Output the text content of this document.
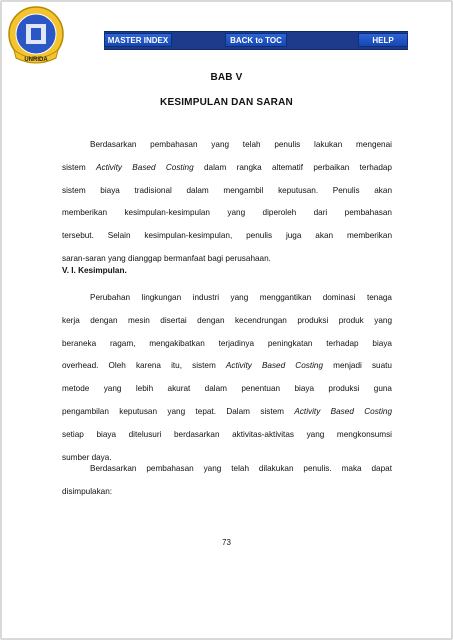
UNRIDA
MASTER INDEX	BACK to TOC	HELP
BAB V
KESIMPULAN DAN SARAN

Berdasarkan pembahasan yang telah penulis lakukan mengenai
sistem Activity Based Costing dalam rangka altematif perbaikan terhadap
sistem biaya tradisional dalam mengambil keputusan. Penulis akan
memberikan kesimpulan-kesimpulan yang diperoleh dari pembahasan
tersebut. Selain kesimpulan-kesimpulan, penulis juga akan memberikan
saran-saran yang dianggap bermanfaat bagi perusahaan.

V. I. Kesimpulan.

Perubahan lingkungan industri yang menggantikan dominasi tenaga
kerja dengan mesin disertai dengan kecendrungan produksi produk yang
beraneka ragam, mengakibatkan terjadinya peningkatan terhadap biaya
overhead. Oleh karena itu, sistem Activity Based Costing menjadi suatu
metode yang lebih akurat dalam penentuan biaya produksi guna
pengambilan keputusan yang tepat. Dalam sistem Activity Based Costing
setiap biaya ditelusuri berdasarkan aktivitas-aktivitas yang mengkonsumsi
sumber daya.

Berdasarkan pembahasan yang telah dilakukan penulis. maka dapat
disimpulakan:

73
